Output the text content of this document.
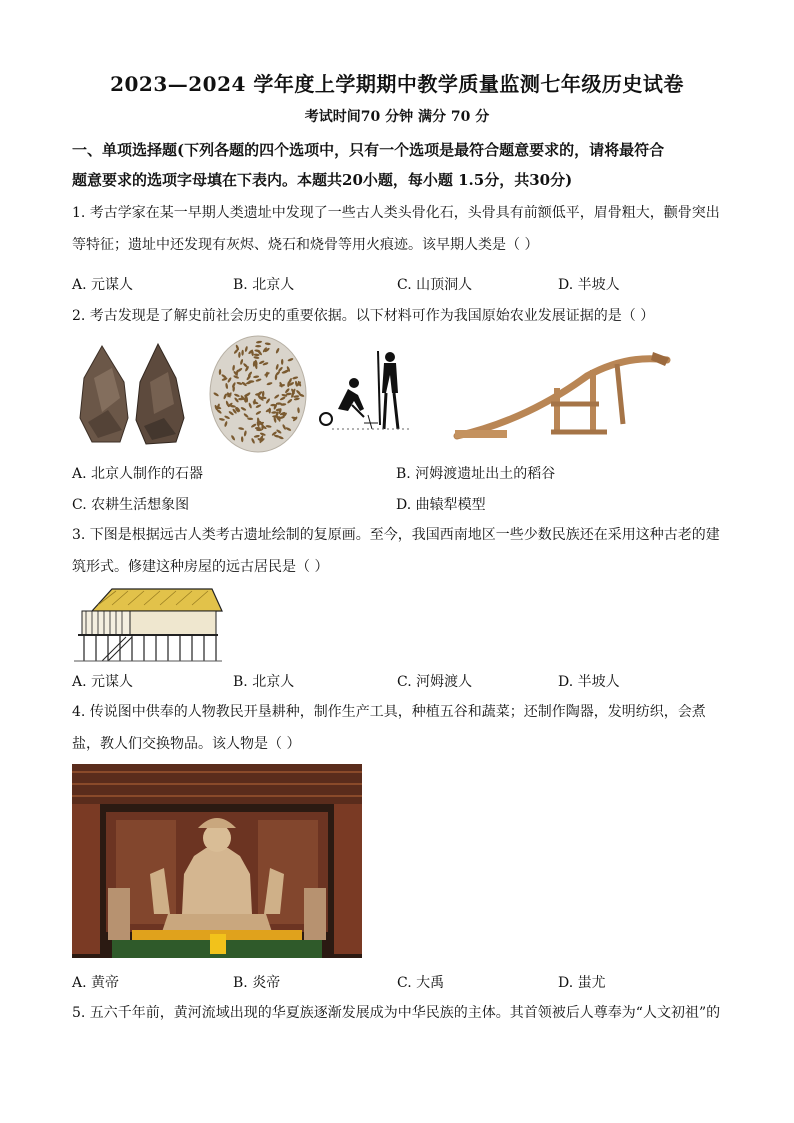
2023—2024 学年度上学期期中教学质量监测七年级历史试卷
考试时间70 分钟 满分 70 分
一、单项选择题(下列各题的四个选项中，只有一个选项是最符合题意要求的，请将最符合
题意要求的选项字母填在下表内。本题共20小题，每小题 1.5分，共30分)
1. 考古学家在某一早期人类遗址中发现了一些古人类头骨化石，头骨具有前额低平，眉骨粗大，颧骨突出
等特征；遗址中还发现有灰烬、烧石和烧骨等用火痕迹。该早期人类是（ ）
A. 元谋人	B. 北京人	C. 山顶洞人	D. 半坡人
2. 考古发现是了解史前社会历史的重要依据。以下材料可作为我国原始农业发展证据的是（ ）
A. 北京人制作的石器	B. 河姆渡遗址出土的稻谷
C. 农耕生活想象图	D. 曲辕犁模型
3. 下图是根据远古人类考古遗址绘制的复原画。至今，我国西南地区一些少数民族还在采用这种古老的建
筑形式。修建这种房屋的远古居民是（ ）
A. 元谋人	B. 北京人	C. 河姆渡人	D. 半坡人
4. 传说图中供奉的人物教民开垦耕种，制作生产工具，种植五谷和蔬菜；还制作陶器，发明纺织，会煮
盐，教人们交换物品。该人物是（ ）
A. 黄帝	B. 炎帝	C. 大禹	D. 蚩尤
5. 五六千年前，黄河流域出现的华夏族逐渐发展成为中华民族的主体。其首领被后人尊奉为“人文初祖”的
